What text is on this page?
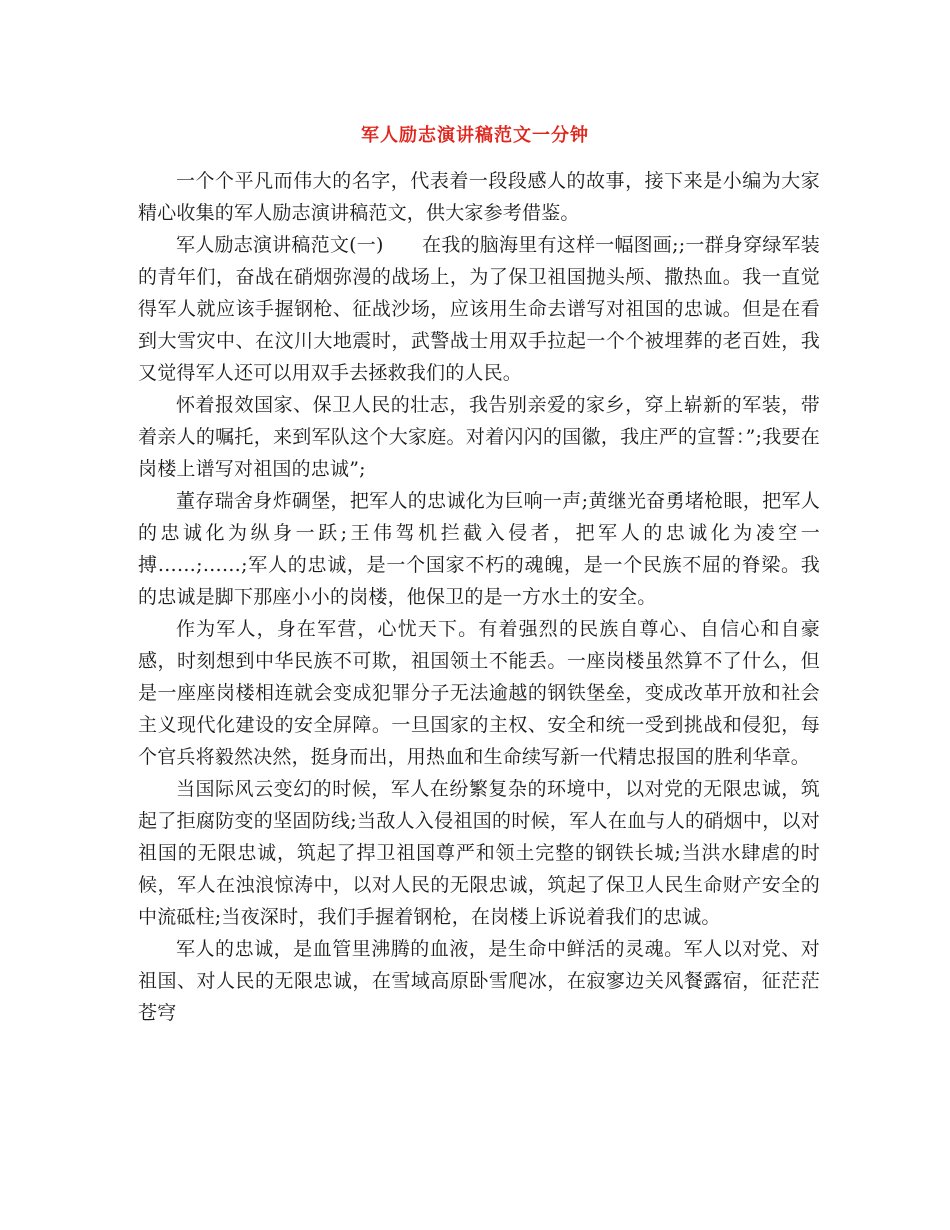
军人励志演讲稿范文一分钟

一个个平凡而伟大的名字，代表着一段段感人的故事，接下来是小编为大家精心收集的军人励志演讲稿范文，供大家参考借鉴。

军人励志演讲稿范文(一)　　在我的脑海里有这样一幅图画;;一群身穿绿军装的青年们，奋战在硝烟弥漫的战场上，为了保卫祖国抛头颅、撒热血。我一直觉得军人就应该手握钢枪、征战沙场，应该用生命去谱写对祖国的忠诚。但是在看到大雪灾中、在汶川大地震时，武警战士用双手拉起一个个被埋葬的老百姓，我又觉得军人还可以用双手去拯救我们的人民。

怀着报效国家、保卫人民的壮志，我告别亲爱的家乡，穿上崭新的军装，带着亲人的嘱托，来到军队这个大家庭。对着闪闪的国徽，我庄严的宣誓：”;我要在岗楼上谱写对祖国的忠诚”;

董存瑞舍身炸碉堡，把军人的忠诚化为巨响一声;黄继光奋勇堵枪眼，把军人的忠诚化为纵身一跃;王伟驾机拦截入侵者，把军人的忠诚化为凌空一搏……;……;军人的忠诚，是一个国家不朽的魂魄，是一个民族不屈的脊梁。我的忠诚是脚下那座小小的岗楼，他保卫的是一方水土的安全。

作为军人，身在军营，心忧天下。有着强烈的民族自尊心、自信心和自豪感，时刻想到中华民族不可欺，祖国领土不能丢。一座岗楼虽然算不了什么，但是一座座岗楼相连就会变成犯罪分子无法逾越的钢铁堡垒，变成改革开放和社会主义现代化建设的安全屏障。一旦国家的主权、安全和统一受到挑战和侵犯，每个官兵将毅然决然，挺身而出，用热血和生命续写新一代精忠报国的胜利华章。

当国际风云变幻的时候，军人在纷繁复杂的环境中，以对党的无限忠诚，筑起了拒腐防变的坚固防线;当敌人入侵祖国的时候，军人在血与人的硝烟中，以对祖国的无限忠诚，筑起了捍卫祖国尊严和领土完整的钢铁长城;当洪水肆虐的时候，军人在浊浪惊涛中，以对人民的无限忠诚，筑起了保卫人民生命财产安全的中流砥柱;当夜深时，我们手握着钢枪，在岗楼上诉说着我们的忠诚。

军人的忠诚，是血管里沸腾的血液，是生命中鲜活的灵魂。军人以对党、对祖国、对人民的无限忠诚，在雪域高原卧雪爬冰，在寂寥边关风餐露宿，征茫茫苍穹
